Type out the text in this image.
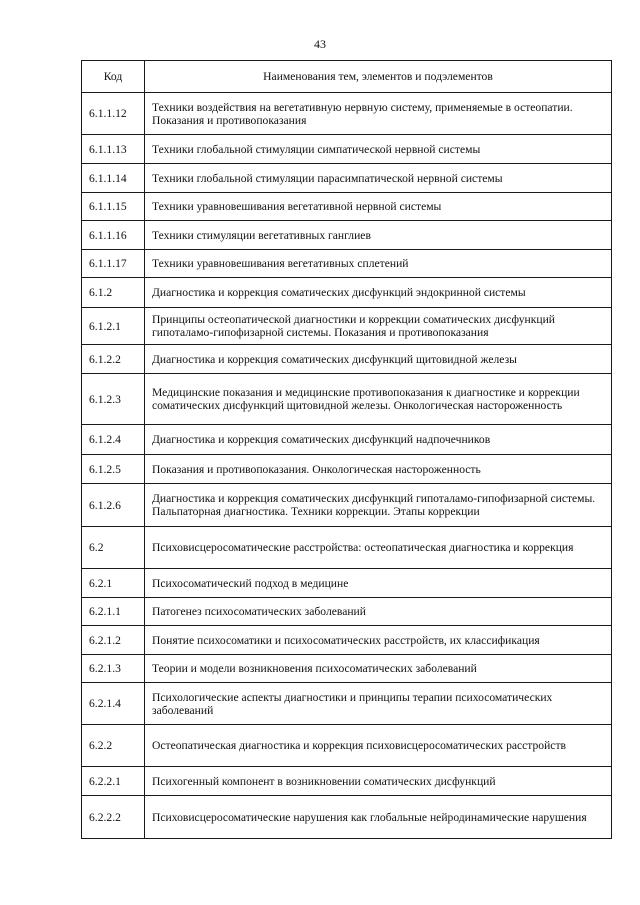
43
Код	Наименования тем, элементов и подэлементов
6.1.1.12	Техники воздействия на вегетативную нервную систему, применяемые в остеопатии. Показания и противопоказания
6.1.1.13	Техники глобальной стимуляции симпатической нервной системы
6.1.1.14	Техники глобальной стимуляции парасимпатической нервной системы
6.1.1.15	Техники уравновешивания вегетативной нервной системы
6.1.1.16	Техники стимуляции вегетативных ганглиев
6.1.1.17	Техники уравновешивания вегетативных сплетений
6.1.2	Диагностика и коррекция соматических дисфункций эндокринной системы
6.1.2.1	Принципы остеопатической диагностики и коррекции соматических дисфункций гипоталамо-гипофизарной системы. Показания и противопоказания
6.1.2.2	Диагностика и коррекция соматических дисфункций щитовидной железы
6.1.2.3	Медицинские показания и медицинские противопоказания к диагностике и коррекции соматических дисфункций щитовидной железы. Онкологическая настороженность
6.1.2.4	Диагностика и коррекция соматических дисфункций надпочечников
6.1.2.5	Показания и противопоказания. Онкологическая настороженность
6.1.2.6	Диагностика и коррекция соматических дисфункций гипоталамо-гипофизарной системы. Пальпаторная диагностика. Техники коррекции. Этапы коррекции
6.2	Психовисцеросоматические расстройства: остеопатическая диагностика и коррекция
6.2.1	Психосоматический подход в медицине
6.2.1.1	Патогенез психосоматических заболеваний
6.2.1.2	Понятие психосоматики и психосоматических расстройств, их классификация
6.2.1.3	Теории и модели возникновения психосоматических заболеваний
6.2.1.4	Психологические аспекты диагностики и принципы терапии психосоматических заболеваний
6.2.2	Остеопатическая диагностика и коррекция психовисцеросоматических расстройств
6.2.2.1	Психогенный компонент в возникновении соматических дисфункций
6.2.2.2	Психовисцеросоматические нарушения как глобальные нейродинамические нарушения
